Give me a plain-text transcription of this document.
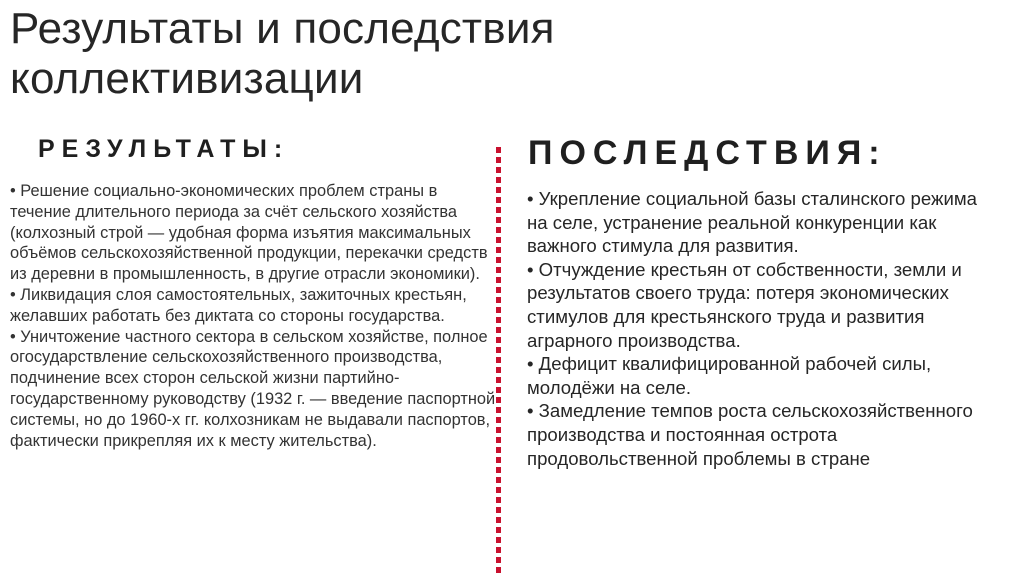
Результаты и последствия
коллективизации
РЕЗУЛЬТАТЫ:
• Решение социально-экономических проблем страны в течение длительного периода за счёт сельского хозяйства (колхозный строй — удобная форма изъятия максимальных объёмов сельскохозяйственной продукции, перекачки средств из деревни в промышленность, в другие отрасли экономики).
• Ликвидация слоя самостоятельных, зажиточных крестьян, желавших работать без диктата со стороны государства.
• Уничтожение частного сектора в сельском хозяйстве, полное огосударствление сельскохозяйственного производства, подчинение всех сторон сельской жизни партийно-государственному руководству (1932 г. — введение паспортной системы, но до 1960-х гг. колхозникам не выдавали паспортов, фактически прикрепляя их к месту жительства).
ПОСЛЕДСТВИЯ:
• Укрепление социальной базы сталинского режима на селе, устранение реальной конкуренции как важного стимула для развития.
• Отчуждение крестьян от собственности, земли и результатов своего труда: потеря экономических стимулов для крестьянского труда и развития аграрного производства.
• Дефицит квалифицированной рабочей силы, молодёжи на селе.
• Замедление темпов роста сельскохозяйственного производства и постоянная острота продовольственной проблемы в стране
